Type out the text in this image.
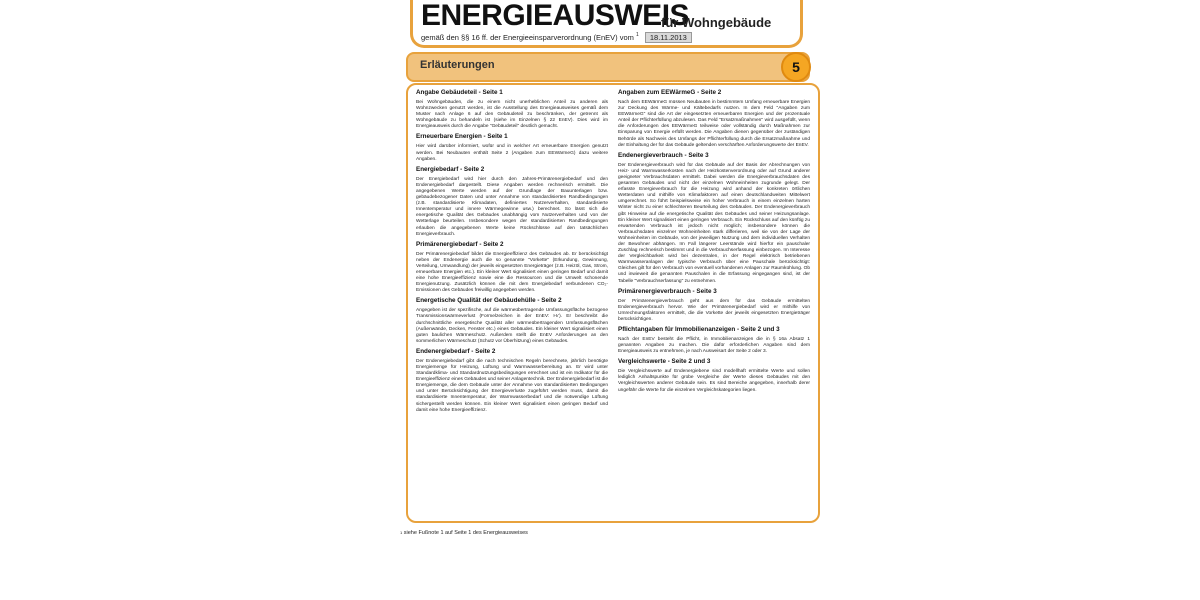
ENERGIEAUSWEIS
für Wohngebäude
gemäß den §§ 16 ff. der Energieeinsparverordnung (EnEV) vom $^1$ 18.11.2013
Erläuterungen	5

Angabe Gebäudeteil - Seite 1

Bei Wohngebäuden, die zu einem nicht unerheblichen Anteil zu anderen als Wohnzwecken genutzt werden, ist die Ausstellung des Energieausweises gemäß dem Muster nach Anlage 6 auf den Gebäudeteil zu beschränken, der getrennt als Wohngebäude zu behandeln ist (siehe im Einzelnen § 22 EnEV). Dies wird im Energieausweis durch die Angabe "Gebäudeteil" deutlich gemacht.

Erneuerbare Energien - Seite 1

Hier wird darüber informiert, wofür und in welcher Art erneuerbare Energien genutzt werden. Bei Neubauten enthält Seite 2 (Angaben zum EEWärmeG) dazu weitere Angaben.

Energiebedarf - Seite 2

Der Energiebedarf wird hier durch den Jahres-Primärenergiebedarf und den Endenergiebedarf dargestellt. Diese Angaben werden rechnerisch ermittelt. Die angegebenen Werte werden auf der Grundlage der Bauunterlagen bzw. gebäudebezogener Daten und unter Annahme von standardisierten Randbedingungen (z.B. standardisierte Klimadaten, definiertes Nutzerverhalten, standardisierte Innentemperatur und innere Wärmegewinne usw.) berechnet. So lässt sich die energetische Qualität des Gebäudes unabhängig vom Nutzerverhalten und von der Wetterlage beurteilen. Insbesondere wegen der standardisierten Randbedingungen erlauben die angegebenen Werte keine Rückschlüsse auf den tatsächlichen Energieverbrauch.

Primärenergiebedarf - Seite 2

Der Primärenergiebedarf bildet die Energieeffizienz des Gebäudes ab. Er berücksichtigt neben der Endenergie auch die so genannte "Vorkette" (Erkundung, Gewinnung, Verteilung, Umwandlung) der jeweils eingesetzten Energieträger (z.B. Heizöl, Gas, Strom, erneuerbare Energien etc.). Ein kleiner Wert signalisiert einen geringen Bedarf und damit eine hohe Energieeffizienz sowie eine die Ressourcen und die Umwelt schonende Energienutzung. Zusätzlich können die mit dem Energiebedarf verbundenen CO₂-Emissionen des Gebäudes freiwillig angegeben werden.

Energetische Qualität der Gebäudehülle - Seite 2

Angegeben ist der spezifische, auf die wärmeübertragende Umfassungsfläche bezogene Transmissionswärmeverlust (Formelzeichen in der EnEV: Hₜ'). Er beschreibt die durchschnittliche energetische Qualität aller wärmeübertragenden Umfassungsflächen (Außenwände, Decken, Fenster etc.) eines Gebäudes. Ein kleiner Wert signalisiert einen guten baulichen Wärmeschutz. Außerdem stellt die EnEV Anforderungen an den sommerlichen Wärmeschutz (Schutz vor Überhitzung) eines Gebäudes.

Endenergiebedarf - Seite 2

Der Endenergiebedarf gibt die nach technischen Regeln berechnete, jährlich benötigte Energiemenge für Heizung, Lüftung und Warmwasserbereitung an. Er wird unter Standardklima- und Standardnutzungsbedingungen errechnet und ist ein Indikator für die Energieeffizienz eines Gebäudes und seiner Anlagentechnik. Der Endenergiebedarf ist die Energiemenge, die dem Gebäude unter der Annahme von standardisierten Bedingungen und unter Berücksichtigung der Energieverluste zugeführt werden muss, damit die standardisierte Innentemperatur, der Warmwasserbedarf und die notwendige Lüftung sichergestellt werden können. Ein kleiner Wert signalisiert einen geringen Bedarf und damit eine hohe Energieeffizienz.

Angaben zum EEWärmeG - Seite 2

Nach dem EEWärmeG müssen Neubauten in bestimmtem Umfang erneuerbare Energien zur Deckung des Wärme- und Kältebedarfs nutzen. In dem Feld "Angaben zum EEWärmeG" sind die Art der eingesetzten erneuerbaren Energien und der prozentuale Anteil der Pflichterfüllung abzulesen. Das Feld "Ersatzmaßnahmen" wird ausgefüllt, wenn die Anforderungen des EEWärmeG teilweise oder vollständig durch Maßnahmen zur Einsparung von Energie erfüllt werden. Die Angaben dienen gegenüber der zuständigen Behörde als Nachweis des Umfangs der Pflichterfüllung durch die Ersatzmaßnahme und der Einhaltung der für das Gebäude geltenden verschärften Anforderungswerte der EnEV.

Endenergieverbrauch - Seite 3

Der Endenergieverbrauch wird für das Gebäude auf der Basis der Abrechnungen von Heiz- und Warmwasserkosten nach der Heizkostenverordnung oder auf Grund anderer geeigneter Verbrauchsdaten ermittelt. Dabei werden die Energieverbrauchsdaten des gesamten Gebäudes und nicht der einzelnen Wohneinheiten zugrunde gelegt. Der erfasste Energieverbrauch für die Heizung wird anhand der konkreten örtlichen Wetterdaten und mithilfe von Klimafaktoren auf einen deutschlandweiten Mittelwert umgerechnet. So führt beispielsweise ein hoher Verbrauch in einem einzelnen harten Winter nicht zu einer schlechteren Beurteilung des Gebäudes. Der Endenergieverbrauch gibt Hinweise auf die energetische Qualität des Gebäudes und seiner Heizungsanlage. Ein kleiner Wert signalisiert einen geringen Verbrauch. Ein Rückschluss auf den künftig zu erwartenden Verbrauch ist jedoch nicht möglich; insbesondere können die Verbrauchsdaten einzelner Wohneinheiten stark differieren, weil sie von der Lage der Wohneinheiten im Gebäude, von der jeweiligen Nutzung und dem individuellen Verhalten der Bewohner abhängen. Im Fall längerer Leerstände wird hierfür ein pauschaler Zuschlag rechnerisch bestimmt und in die Verbrauchserfassung einbezogen. Im Interesse der Vergleichbarkeit wird bei dezentralen, in der Regel elektrisch betriebenen Warmwasseranlagen der typische Verbrauch über eine Pauschale berücksichtigt: Gleiches gilt für den Verbrauch von eventuell vorhandenen Anlagen zur Raumkühlung. Ob und inwieweit die genannten Pauschalen in die Erfassung eingegangen sind, ist der Tabelle "Verbrauchserfassung" zu entnehmen.

Primärenergieverbrauch - Seite 3

Der Primärenergieverbrauch geht aus dem für das Gebäude ermittelten Endenergieverbrauch hervor. Wie der Primärenergiebedarf wird er mithilfe von Umrechnungsfaktoren ermittelt, die die Vorkette der jeweils eingesetzten Energieträger berücksichtigen.

Pflichtangaben für Immobilienanzeigen - Seite 2 und 3

Nach der EnEV besteht die Pflicht, in Immobilienanzeigen die in § 16a Absatz 1 genannten Angaben zu machen. Die dafür erforderlichen Angaben sind dem Energieausweis zu entnehmen, je nach Ausweisart der Seite 2 oder 3.

Vergleichswerte - Seite 2 und 3

Die Vergleichswerte auf Endenergiebene sind modellhaft ermittelte Werte und sollen lediglich Anhaltspunkte für grobe Vergleiche der Werte dieses Gebäudes mit den Vergleichswerten anderer Gebäude sein. Es sind Bereiche angegeben, innerhalb derer ungefähr die Werte für die einzelnen Vergleichskategorien liegen.

$^1$ siehe Fußnote 1 auf Seite 1 des Energieausweises
